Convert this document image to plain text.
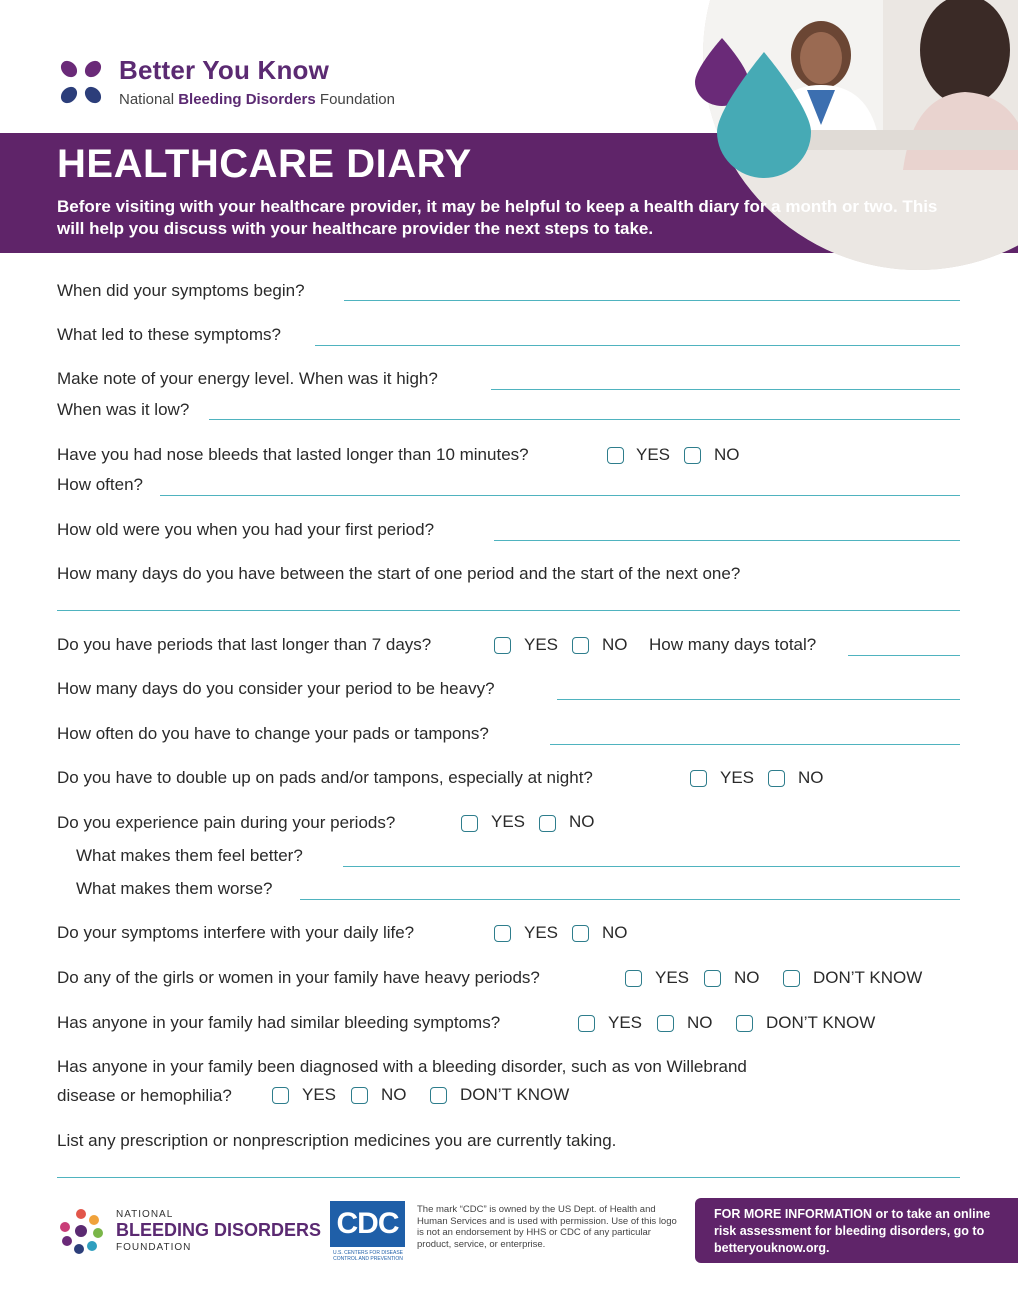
Better You Know
National Bleeding Disorders Foundation
HEALTHCARE DIARY
Before visiting with your healthcare provider, it may be helpful to keep a health diary for a month or two. This will help you discuss with your healthcare provider the next steps to take.
When did your symptoms begin?
What led to these symptoms?
Make note of your energy level. When was it high?
When was it low?
Have you had nose bleeds that lasted longer than 10 minutes?	YES	NO
How often?
How old were you when you had your first period?
How many days do you have between the start of one period and the start of the next one?
Do you have periods that last longer than 7 days?	YES	NO How many days total?
How many days do you consider your period to be heavy?
How often do you have to change your pads or tampons?
Do you have to double up on pads and/or tampons, especially at night?	YES	NO
Do you experience pain during your periods?	YES	NO
What makes them feel better?
What makes them worse?
Do your symptoms interfere with your daily life?	YES	NO
Do any of the girls or women in your family have heavy periods?	YES	NO	DON’T KNOW
Has anyone in your family had similar bleeding symptoms?	YES	NO	DON’T KNOW
Has anyone in your family been diagnosed with a bleeding disorder, such as von Willebrand
disease or hemophilia?	YES	NO	DON’T KNOW
List any prescription or nonprescription medicines you are currently taking.
NATIONAL
BLEEDING DISORDERS
FOUNDATION
CDC
U.S. CENTERS FOR DISEASE CONTROL AND PREVENTION
The mark “CDC” is owned by the US Dept. of Health and Human Services and is used with permission. Use of this logo is not an endorsement by HHS or CDC of any particular product, service, or enterprise.
FOR MORE INFORMATION or to take an online risk assessment for bleeding disorders, go to betteryouknow.org.
